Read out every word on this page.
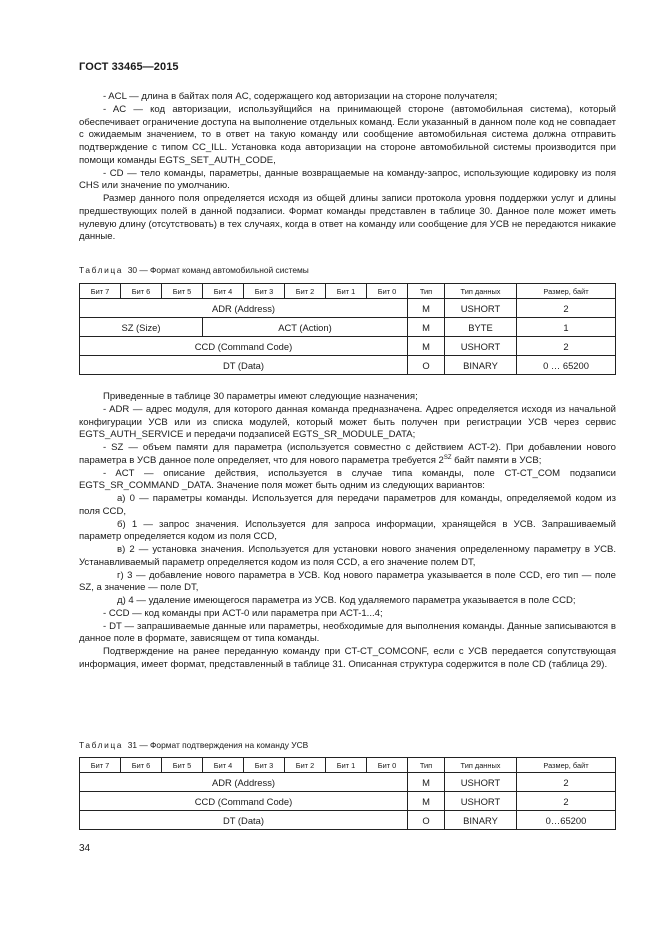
ГОСТ 33465—2015

- ACL — длина в байтах поля AC, содержащего код авторизации на стороне получателя;

- AC — код авторизации, используйщийся на принимающей стороне (автомобильная система), который обеспечивает ограничение доступа на выполнение отдельных команд. Если указанный в данном поле код не совпадает с ожидаемым значением, то в ответ на такую команду или сообщение автомобильная система должна отправить подтверждение с типом CC_ILL. Установка кода авторизации на стороне автомобильной системы производится при помощи команды EGTS_SET_AUTH_CODE,

- CD — тело команды, параметры, данные возвращаемые на команду-запрос, использующие кодировку из поля CHS или значение по умолчанию.

Размер данного поля определяется исходя из общей длины записи протокола уровня поддержки услуг и длины предшествующих полей в данной подзаписи. Формат команды представлен в таблице 30. Данное поле может иметь нулевую длину (отсутствовать) в тех случаях, когда в ответ на команду или сообщение для УСВ не передаются никакие данные.

Таблица 30 — Формат команд автомобильной системы
Бит 7	Бит 6	Бит 5	Бит 4	Бит 3	Бит 2	Бит 1	Бит 0	Тип	Тип данных	Размер, байт
ADR (Address)								M	USHORT	2
SZ (Size)			ACT (Action)					M	BYTE	1
CCD (Command Code)								M	USHORT	2
DT (Data)								O	BINARY	0 … 65200

Приведенные в таблице 30 параметры имеют следующие назначения;

- ADR — адрес модуля, для которого данная команда предназначена. Адрес определяется исходя из начальной конфигурации УСВ или из списка модулей, который может быть получен при регистрации УСВ через сервис EGTS_AUTH_SERVICE и передачи подзаписей EGTS_SR_MODULE_DATA;

- SZ — объем памяти для параметра (используется совместно с действием ACT-2). При добавлении нового параметра в УСВ данное поле определяет, что для нового параметра требуется $2^{SZ}$ байт памяти в УСВ;

- ACT — описание действия, используется в случае типа команды, поле CT-CT_COM подзаписи EGTS_SR_COMMAND _DATA. Значение поля может быть одним из следующих вариантов:

а) 0 — параметры команды. Используется для передачи параметров для команды, определяемой кодом из поля CCD,

б) 1 — запрос значения. Используется для запроса информации, хранящейся в УСВ. Запрашиваемый параметр определяется кодом из поля CCD,

в) 2 — установка значения. Используется для установки нового значения определенному параметру в УСВ. Устанавливаемый параметр определяется кодом из поля CCD, а его значение полем DT,

г) 3 — добавление нового параметра в УСВ. Код нового параметра указывается в поле CCD, его тип — поле SZ, а значение — поле DT,

д) 4 — удаление имеющегося параметра из УСВ. Код удаляемого параметра указывается в поле CCD;

- CCD — код команды при ACT-0 или параметра при ACT-1...4;

- DT — запрашиваемые данные или параметры, необходимые для выполнения команды. Данные записываются в данное поле в формате, зависящем от типа команды.

Подтверждение на ранее переданную команду при CT-CT_COMCONF, если с УСВ передается сопутствующая информация, имеет формат, представленный в таблице 31. Описанная структура содержится в поле CD (таблица 29).

Таблица 31 — Формат подтверждения на команду УСВ
Бит 7	Бит 6	Бит 5	Бит 4	Бит 3	Бит 2	Бит 1	Бит 0	Тип	Тип данных	Размер, байт
ADR (Address)								M	USHORT	2
CCD (Command Code)								M	USHORT	2
DT (Data)								O	BINARY	0…65200
34
